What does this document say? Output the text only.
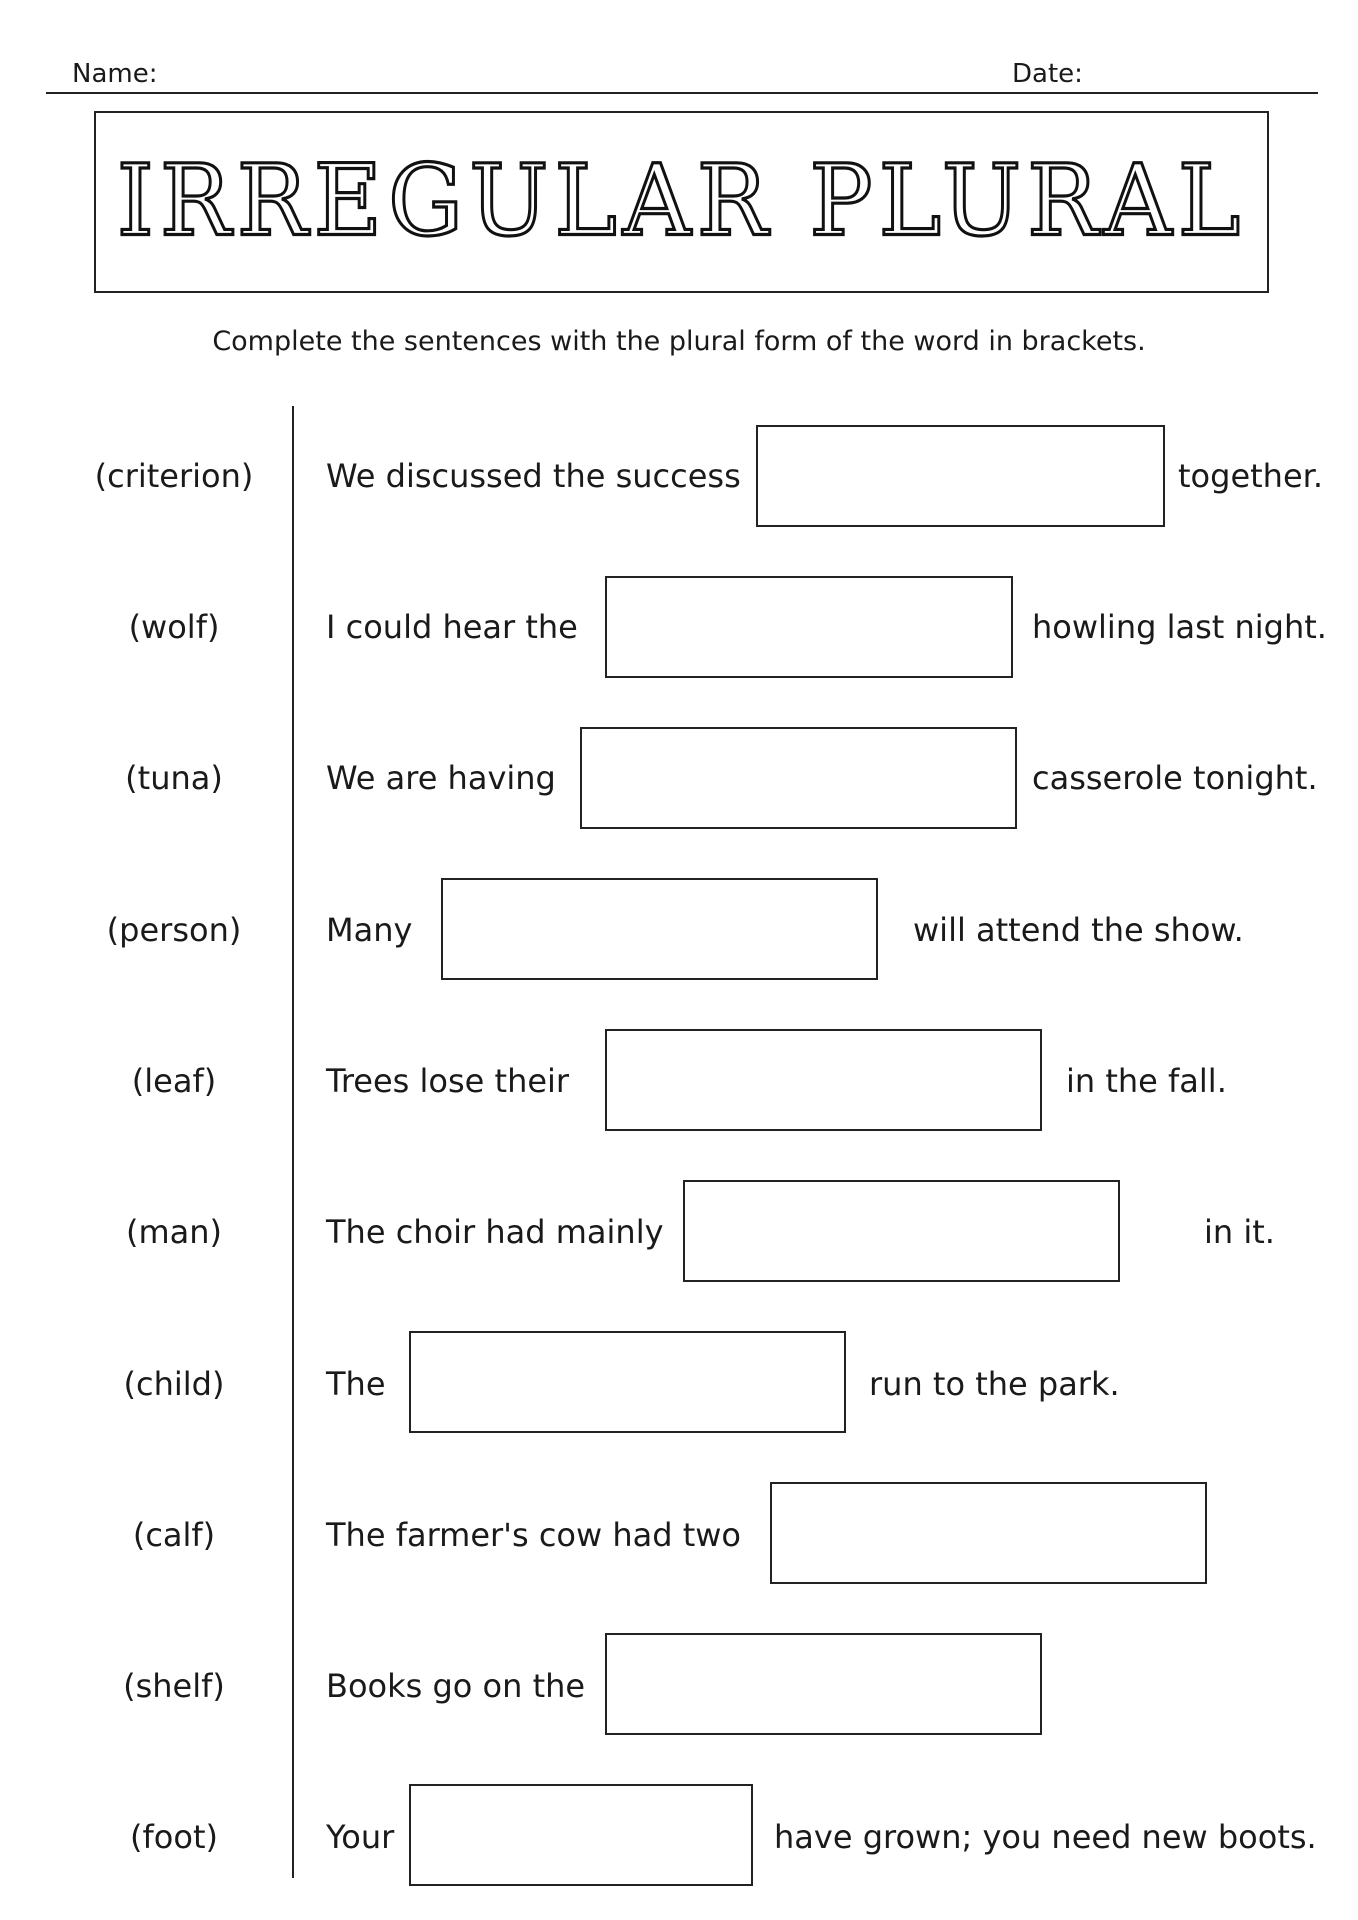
Name:	Date:
IRREGULAR PLURAL
Complete the sentences with the plural form of the word in brackets.
(criterion)	We discussed the success	together.
(wolf)	I could hear the	howling last night.
(tuna)	We are having	casserole tonight.
(person)	Many	will attend the show.
(leaf)	Trees lose their	in the fall.
(man)	The choir had mainly	in it.
(child)	The	run to the park.
(calf)	The farmer's cow had two
(shelf)	Books go on the
(foot)	Your	have grown; you need new boots.
